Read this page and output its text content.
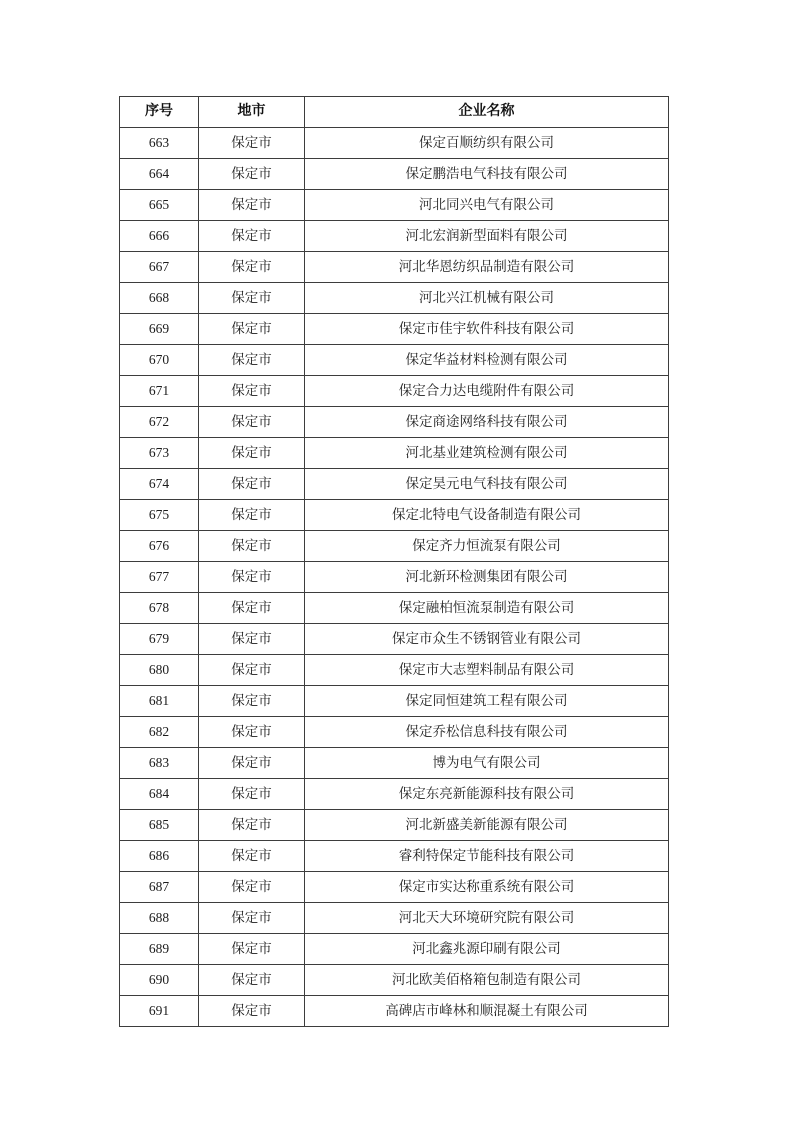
序号	地市	企业名称
663	保定市	保定百顺纺织有限公司
664	保定市	保定鹏浩电气科技有限公司
665	保定市	河北同兴电气有限公司
666	保定市	河北宏润新型面料有限公司
667	保定市	河北华恩纺织品制造有限公司
668	保定市	河北兴江机械有限公司
669	保定市	保定市佳宇软件科技有限公司
670	保定市	保定华益材料检测有限公司
671	保定市	保定合力达电缆附件有限公司
672	保定市	保定商途网络科技有限公司
673	保定市	河北基业建筑检测有限公司
674	保定市	保定昊元电气科技有限公司
675	保定市	保定北特电气设备制造有限公司
676	保定市	保定齐力恒流泵有限公司
677	保定市	河北新环检测集团有限公司
678	保定市	保定融柏恒流泵制造有限公司
679	保定市	保定市众生不锈钢管业有限公司
680	保定市	保定市大志塑料制品有限公司
681	保定市	保定同恒建筑工程有限公司
682	保定市	保定乔松信息科技有限公司
683	保定市	博为电气有限公司
684	保定市	保定东亮新能源科技有限公司
685	保定市	河北新盛美新能源有限公司
686	保定市	睿利特保定节能科技有限公司
687	保定市	保定市实达称重系统有限公司
688	保定市	河北天大环境研究院有限公司
689	保定市	河北鑫兆源印刷有限公司
690	保定市	河北欧美佰格箱包制造有限公司
691	保定市	高碑店市峰林和顺混凝土有限公司
